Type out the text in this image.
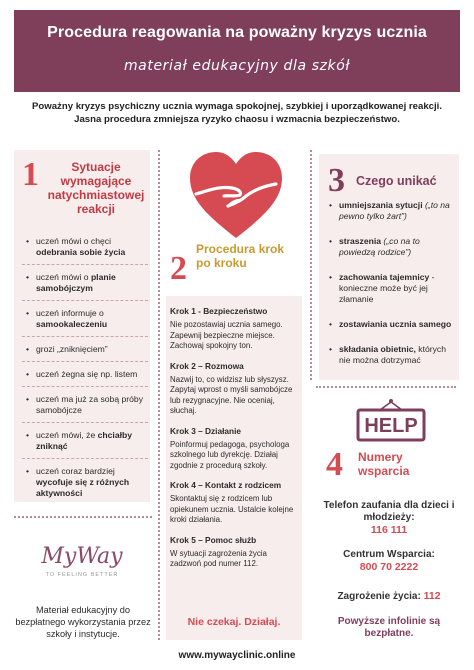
Procedura reagowania na poważny kryzys ucznia
materiał edukacyjny dla szkół
Poważny kryzys psychiczny ucznia wymaga spokojnej, szybkiej i uporządkowanej reakcji.
Jasna procedura zmniejsza ryzyko chaosu i wzmacnia bezpieczeństwo.
1	Sytuacje wymagające natychmiastowej reakcji
• uczeń mówi o chęci odebrania sobie życia
• uczeń mówi o planie samobójczym
• uczeń informuje o samookaleczeniu
• grozi „zniknięciem”
• uczeń żegna się np. listem
• uczeń ma już za sobą próby samobójcze
• uczeń mówi, że chciałby zniknąć
• uczeń coraz bardziej wycofuje się z różnych aktywności
2
Procedura krok po kroku
Krok 1 - Bezpieczeństwo
Nie pozostawiaj ucznia samego. Zapewnij bezpieczne miejsce. Zachowaj spokojny ton.
Krok 2 – Rozmowa
Nazwij to, co widzisz lub słyszysz. Zapytaj wprost o myśli samobójcze lub rezygnacyjne. Nie oceniaj, słuchaj.
Krok 3 – Działanie
Poinformuj pedagoga, psychologa szkolnego lub dyrekcję. Działaj zgodnie z procedurą szkoły.
Krok 4 – Kontakt z rodzicem
Skontaktuj się z rodzicem lub opiekunem ucznia. Ustalcie kolejne kroki działania.
Krok 5 – Pomoc służb
W sytuacji zagrożenia życia zadzwoń pod numer 112.
Nie czekaj. Działaj.
3 Czego unikać
• umniejszania sytucji („to na pewno tylko żart”)
• straszenia („co na to powiedzą rodzice”)
• zachowania tajemnicy - konieczne może być jej złamanie
• zostawiania ucznia samego
• składania obietnic, których nie można dotrzymać
HELP
4 Numery wsparcia
Telefon zaufania dla dzieci i młodzieży:
116 111
Centrum Wsparcia:
800 70 2222
Zagrożenie życia: 112
Powyższe infolinie są bezpłatne.
MyWay
TO FEELING BETTER
Materiał edukacyjny do bezpłatnego wykorzystania przez szkoły i instytucje.
www.mywayclinic.online
